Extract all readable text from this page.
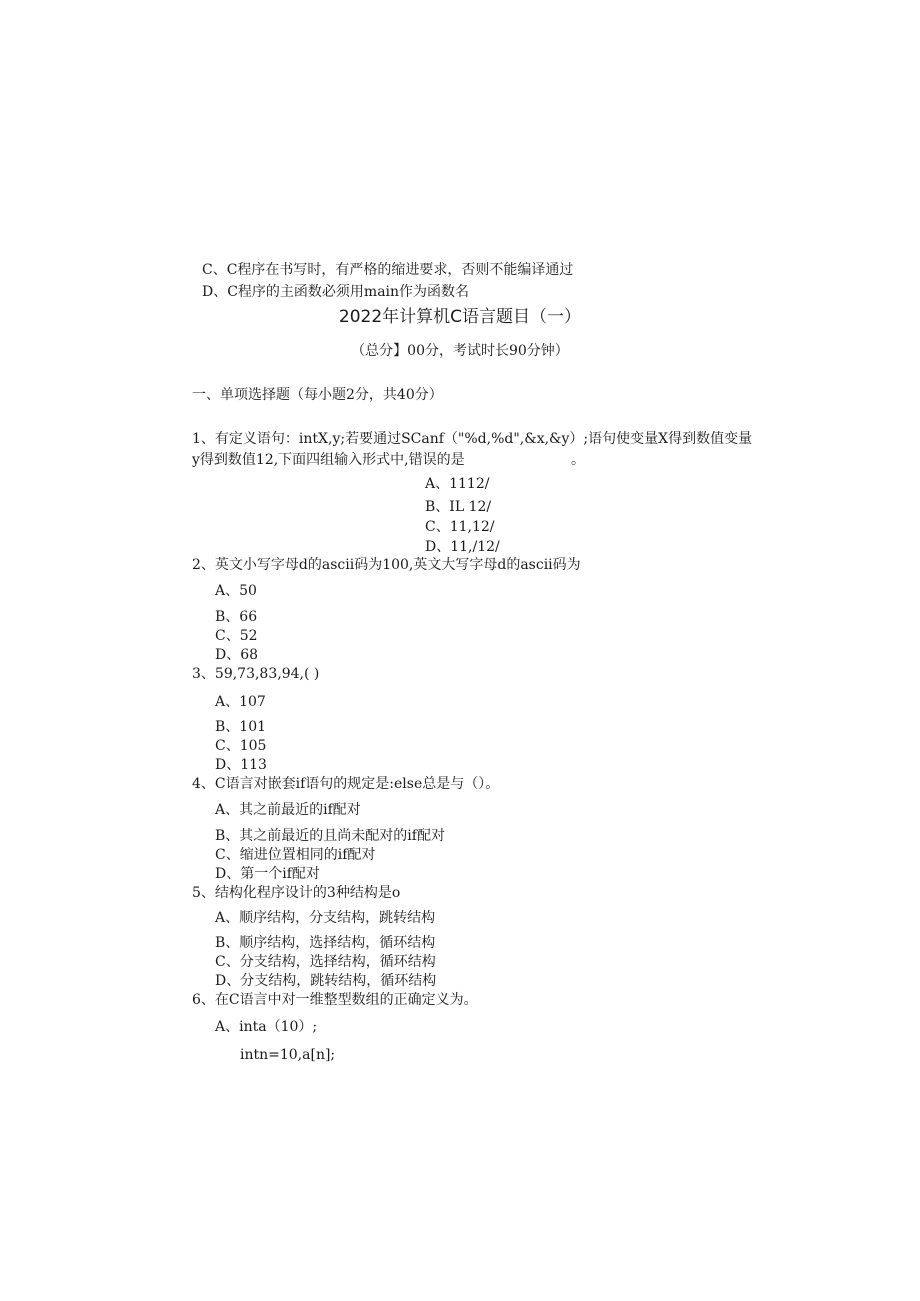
C、C程序在书写时，有严格的缩进要求，否则不能编译通过
D、C程序的主函数必须用main作为函数名
2022年计算机C语言题目（一）
（总分】00分，考试时长90分钟）
一、单项选择题（每小题2分，共40分）
1、有定义语句：intX,y;若要通过SCanf（"%d,%d",&x,&y）;语句使变量X得到数值变量
y得到数值12,下面四组输入形式中,错误的是	。
A、1112/
B、IL 12/
C、11,12/
D、11,/12/
2、英文小写字母d的ascii码为100,英文大写字母d的ascii码为
A、50
B、66
C、52
D、68
3、59,73,83,94,( )
A、107
B、101
C、105
D、113
4、C语言对嵌套if语句的规定是:else总是与（）。
A、其之前最近的if配对
B、其之前最近的且尚未配对的if配对
C、缩进位置相同的if配对
D、第一个if配对
5、结构化程序设计的3种结构是o
A、顺序结构，分支结构，跳转结构
B、顺序结构，选择结构，循环结构
C、分支结构，选择结构，循环结构
D、分支结构，跳转结构，循环结构
6、在C语言中对一维整型数组的正确定义为。
A、inta（10）;
intn=10,a[n];
